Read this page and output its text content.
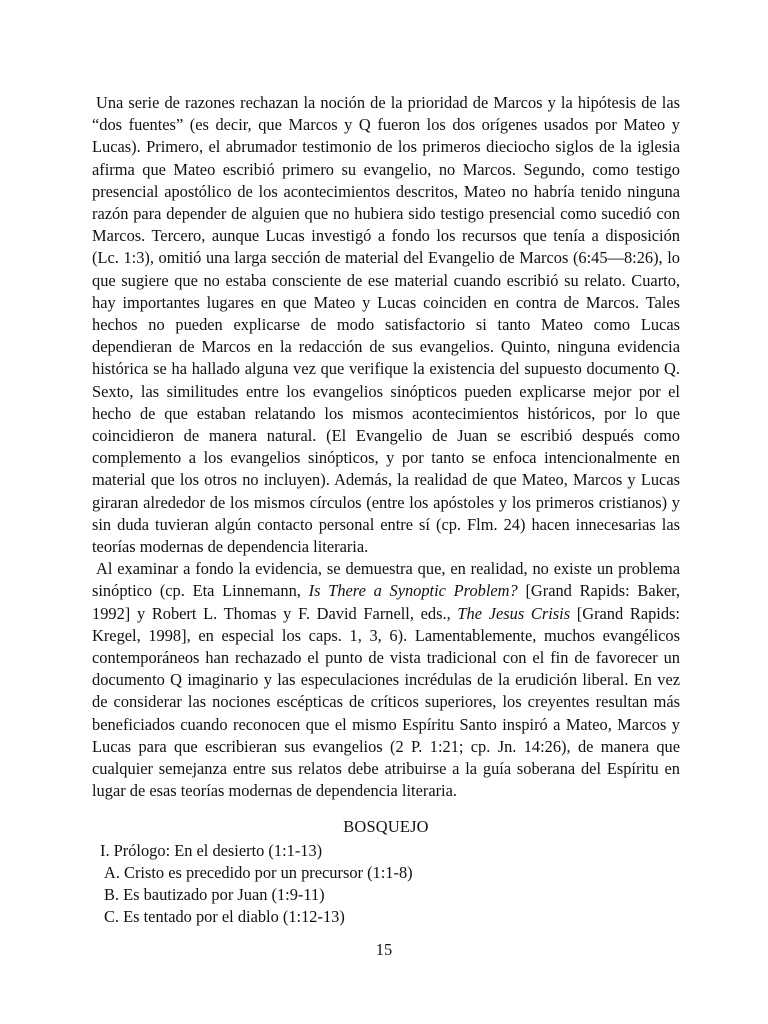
Una serie de razones rechazan la noción de la prioridad de Marcos y la hipótesis de las “dos fuentes” (es decir, que Marcos y Q fueron los dos orígenes usados por Mateo y Lucas). Primero, el abrumador testimonio de los primeros dieciocho siglos de la iglesia afirma que Mateo escribió primero su evangelio, no Marcos. Segundo, como testigo presencial apostólico de los acontecimientos descritos, Mateo no habría tenido ninguna razón para depender de alguien que no hubiera sido testigo presencial como sucedió con Marcos. Tercero, aunque Lucas investigó a fondo los recursos que tenía a disposición (Lc. 1:3), omitió una larga sección de material del Evangelio de Marcos (6:45—8:26), lo que sugiere que no estaba consciente de ese material cuando escribió su relato. Cuarto, hay importantes lugares en que Mateo y Lucas coinciden en contra de Marcos. Tales hechos no pueden explicarse de modo satisfactorio si tanto Mateo como Lucas dependieran de Marcos en la redacción de sus evangelios. Quinto, ninguna evidencia histórica se ha hallado alguna vez que verifique la existencia del supuesto documento Q. Sexto, las similitudes entre los evangelios sinópticos pueden explicarse mejor por el hecho de que estaban relatando los mismos acontecimientos históricos, por lo que coincidieron de manera natural. (El Evangelio de Juan se escribió después como complemento a los evangelios sinópticos, y por tanto se enfoca intencionalmente en material que los otros no incluyen). Además, la realidad de que Mateo, Marcos y Lucas giraran alrededor de los mismos círculos (entre los apóstoles y los primeros cristianos) y sin duda tuvieran algún contacto personal entre sí (cp. Flm. 24) hacen innecesarias las teorías modernas de dependencia literaria.

Al examinar a fondo la evidencia, se demuestra que, en realidad, no existe un problema sinóptico (cp. Eta Linnemann, Is There a Synoptic Problem? [Grand Rapids: Baker, 1992] y Robert L. Thomas y F. David Farnell, eds., The Jesus Crisis [Grand Rapids: Kregel, 1998], en especial los caps. 1, 3, 6). Lamentablemente, muchos evangélicos contemporáneos han rechazado el punto de vista tradicional con el fin de favorecer un documento Q imaginario y las especulaciones incrédulas de la erudición liberal. En vez de considerar las nociones escépticas de críticos superiores, los creyentes resultan más beneficiados cuando reconocen que el mismo Espíritu Santo inspiró a Mateo, Marcos y Lucas para que escribieran sus evangelios (2 P. 1:21; cp. Jn. 14:26), de manera que cualquier semejanza entre sus relatos debe atribuirse a la guía soberana del Espíritu en lugar de esas teorías modernas de dependencia literaria.

BOSQUEJO
I. Prólogo: En el desierto (1:1-13)
A. Cristo es precedido por un precursor (1:1-8)
B. Es bautizado por Juan (1:9-11)
C. Es tentado por el diablo (1:12-13)
15
